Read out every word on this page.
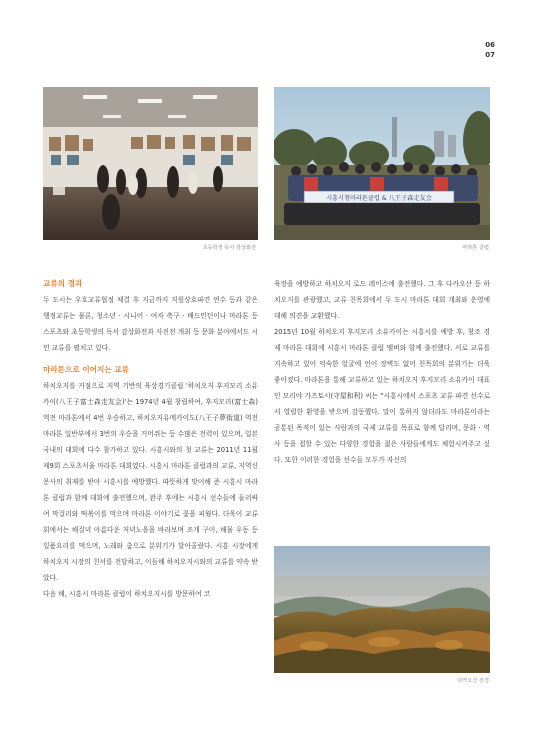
06
07
초등학생 독서 감상화전
시흥시청마라톤클럽 & 八王子森走友会
마라톤 클럽
교류의 경과

두 도시는 우호교류협정 체결 후 지금까지 직원상호파견 연수 등과 같은 행정교류는 물론, 청소년 · 시니어 · 여자 축구 · 배드민턴이나 마라톤 등 스포츠와 초등학생의 독서 감상화전과 사진전 개최 등 문화 분야에서도 시민 교류를 펼치고 있다.

마라톤으로 이어지는 교류

하치오지를 거점으로 지역 기반의 육상경기클럽 '하치오지 후지모리 소유카이(八王子富士森走友会)'는 1974년 4월 창립하여, 후지모리(富士森)역전 마라톤에서 4번 우승하고, 하치오지유메카이도(八王子夢街道) 역전 마라톤 일반부에서 3번의 우승을 거머쥐는 등 수많은 전력이 있으며, 일본 국내의 대회에 다수 참가하고 있다. 시흥시와의 첫 교류는 2011년 11월 제9회 스포츠서울 마라톤 대회였다. 시흥시 마라톤 클럽과의 교류, 지역신문사의 취재를 받아 시흥시를 예방했다. 따뜻하게 맞이해 준 시흥시 마라톤 클럽과 함께 대회에 출전했으며, 완주 후에는 시흥시 선수들에 둘러싸여 막걸리와 떡볶이를 먹으며 마라톤 이야기로 꽃을 피웠다. 더욱이 교류회에서는 해질녁 아름다운 저녁노을을 바라보며 조개 구이, 해물 우동 등 일품요리를 먹으며, 노래와 춤으로 분위기가 달아올랐다. 시흥 시장에게 하치오지 시장의 친서를 전달하고, 이듬해 하치오지시와의 교류를 약속 받았다.

다음 해, 시흥시 마라톤 클럽이 하치오지시를 방문하여 코

육장을 예방하고 하치오지 로드 레이스에 출전했다. 그 후 다카오산 등 하치오지를 관광했고, 교류 친목회에서 두 도시 마라톤 대회 개최와 운영에 대해 의견을 교환했다.

2015년 10월 하치오지 후지모리 소유카이는 시흥시를 예방 후, 창조 경제 마라톤 대회에 시흥시 마라톤 클럽 멤버와 함께 출전했다. 서로 교류를 지속하고 있어 익숙한 얼굴에 언어 장벽도 없어 친목회의 분위기는 더욱 좋아졌다. 마라톤을 통해 교류하고 있는 하치오지 후지모리 소유카이 대표인 모리야 가즈토시(守屋和利) 씨는 "시흥시에서 스포츠 교류 파견 선수로서 열렬한 환영을 받으며 감동했다. 말이 통하지 않더라도 마라톤이라는 공통된 목적이 있는 사람과의 국제 교류를 목표로 함께 달리며, 문화 · 역사 등을 접할 수 있는 다양한 경험을 젊은 사람들에게도 체험시켜주고 싶다. 또한 이러한 경험을 선수들 모두가 자신의

다카오산 전경
